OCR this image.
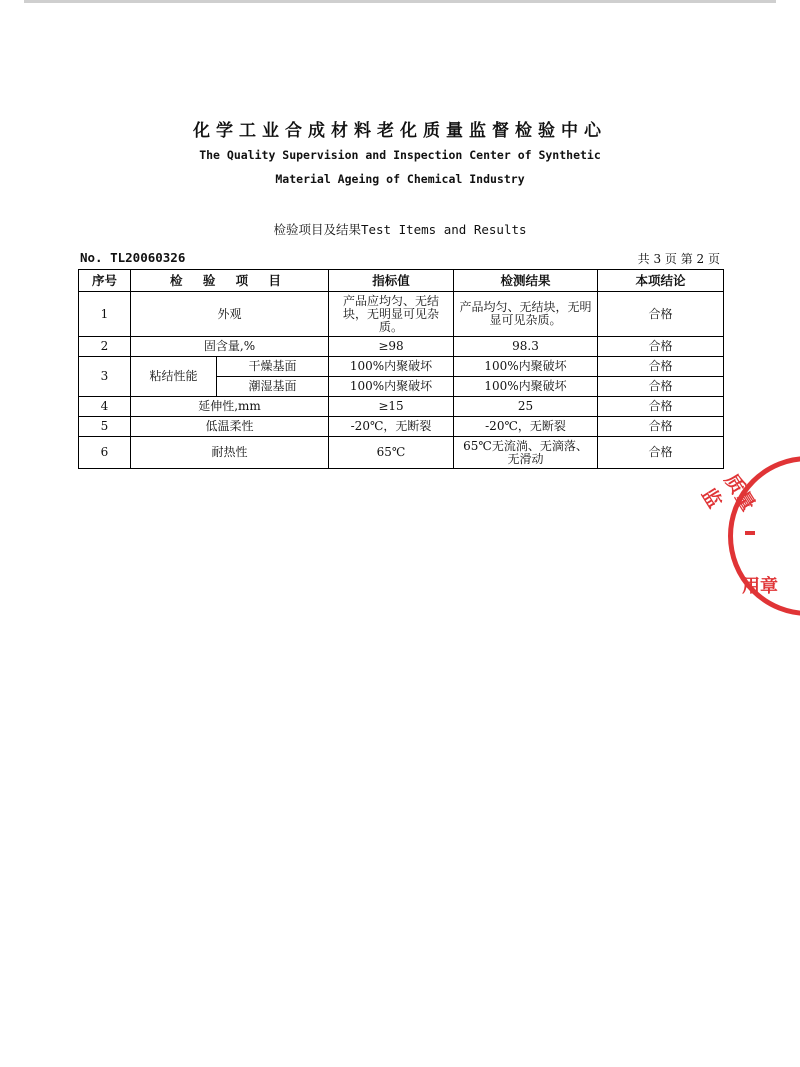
化学工业合成材料老化质量监督检验中心
The Quality Supervision and Inspection Center of Synthetic
Material Ageing of Chemical Industry
检验项目及结果Test Items and Results
No. TL20060326	共 3 页 第 2 页
序号	检 验 项 目		指标值	检测结果	本项结论
1	外观		产品应均匀、无结块，无明显可见杂质。	产品均匀、无结块，无明显可见杂质。	合格
2	固含量,%		≥98	98.3	合格
3	粘结性能	干燥基面	100%内聚破坏	100%内聚破坏	合格
		潮湿基面	100%内聚破坏	100%内聚破坏	合格
4	延伸性,mm		≥15	25	合格
5	低温柔性		-20℃，无断裂	-20℃，无断裂	合格
6	耐热性		65℃	65℃无流淌、无滴落、无滑动	合格
质量监
用章
